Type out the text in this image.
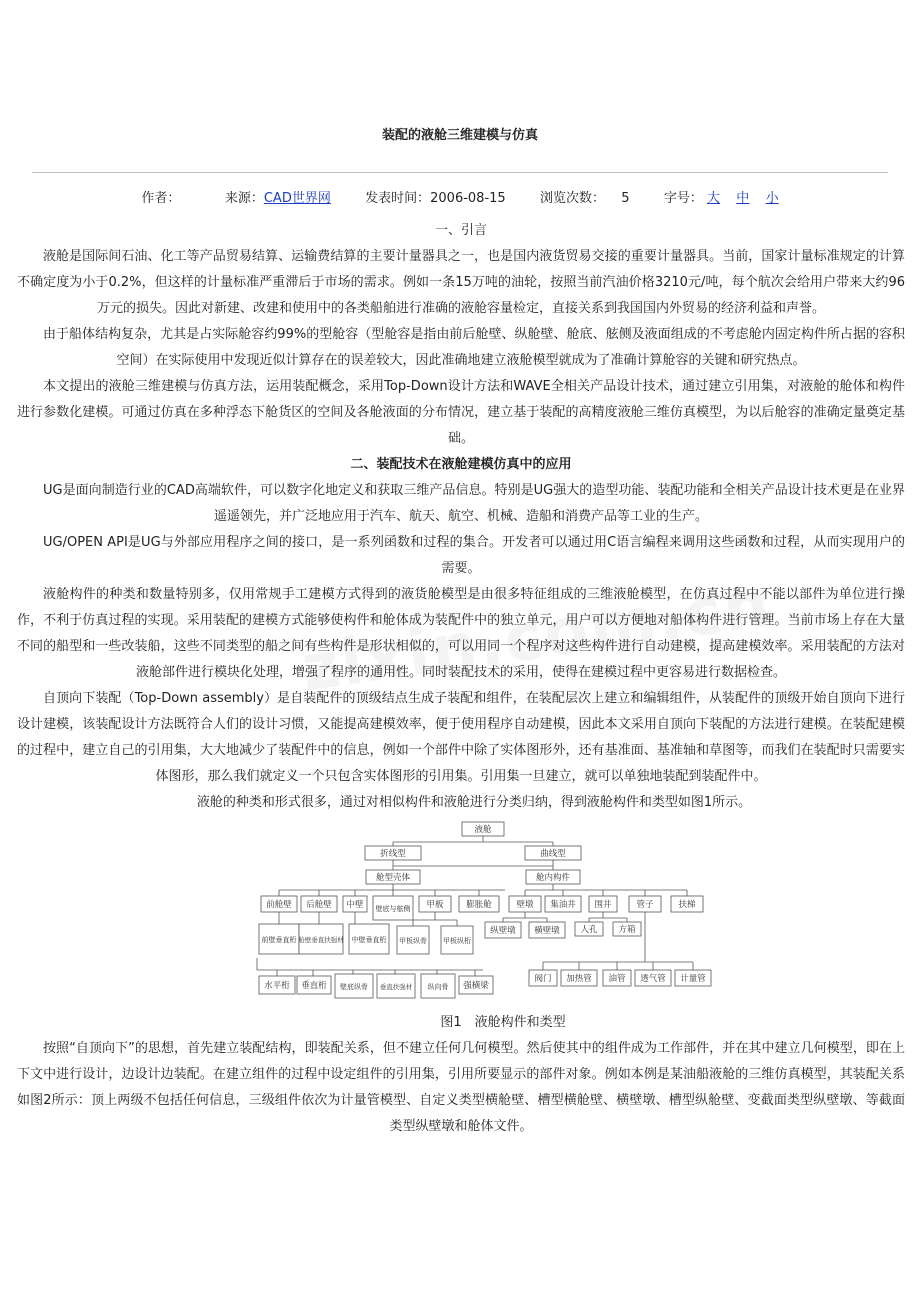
装配的液舱三维建模与仿真
作者：	来源：CAD世界网	发表时间：2006-08-15	浏览次数： 5	字号： 大 中 小

一、引言

液舱是国际间石油、化工等产品贸易结算、运输费结算的主要计量器具之一，也是国内液货贸易交接的重要计量器具。当前，国家计量标准规定的计算不确定度为小于0.2%，但这样的计量标准严重滞后于市场的需求。例如一条15万吨的油轮，按照当前汽油价格3210元/吨，每个航次会给用户带来大约96万元的损失。因此对新建、改建和使用中的各类船舶进行准确的液舱容量检定，直接关系到我国国内外贸易的经济利益和声誉。

由于船体结构复杂，尤其是占实际舱容约99%的型舱容（型舱容是指由前后舱壁、纵舱壁、舱底、舷侧及液面组成的不考虑舱内固定构件所占据的容积空间）在实际使用中发现近似计算存在的误差较大，因此准确地建立液舱模型就成为了准确计算舱容的关键和研究热点。

本文提出的液舱三维建模与仿真方法，运用装配概念，采用Top-Down设计方法和WAVE全相关产品设计技术，通过建立引用集，对液舱的舱体和构件进行参数化建模。可通过仿真在多种浮态下舱货区的空间及各舱液面的分布情况，建立基于装配的高精度液舱三维仿真模型，为以后舱容的准确定量奠定基础。

二、装配技术在液舱建模仿真中的应用

UG是面向制造行业的CAD高端软件，可以数字化地定义和获取三维产品信息。特别是UG强大的造型功能、装配功能和全相关产品设计技术更是在业界遥遥领先，并广泛地应用于汽车、航天、航空、机械、造船和消费产品等工业的生产。

UG/OPEN API是UG与外部应用程序之间的接口，是一系列函数和过程的集合。开发者可以通过用C语言编程来调用这些函数和过程，从而实现用户的需要。

液舱构件的种类和数量特别多，仅用常规手工建模方式得到的液货舱模型是由很多特征组成的三维液舱模型，在仿真过程中不能以部件为单位进行操作，不利于仿真过程的实现。采用装配的建模方式能够使构件和舱体成为装配件中的独立单元，用户可以方便地对船体构件进行管理。当前市场上存在大量不同的船型和一些改装船，这些不同类型的船之间有些构件是形状相似的，可以用同一个程序对这些构件进行自动建模，提高建模效率。采用装配的方法对液舱部件进行模块化处理，增强了程序的通用性。同时装配技术的采用，使得在建模过程中更容易进行数据检查。

自顶向下装配（Top-Down assembly）是自装配件的顶级结点生成子装配和组件，在装配层次上建立和编辑组件，从装配件的顶级开始自顶向下进行设计建模，该装配设计方法既符合人们的设计习惯，又能提高建模效率，便于使用程序自动建模，因此本文采用自顶向下装配的方法进行建模。在装配建模的过程中，建立自己的引用集，大大地减少了装配件中的信息，例如一个部件中除了实体图形外，还有基准面、基准轴和草图等，而我们在装配时只需要实体图形，那么我们就定义一个只包含实体图形的引用集。引用集一旦建立，就可以单独地装配到装配件中。

液舱的种类和形式很多，通过对相似构件和液舱进行分类归纳，得到液舱构件和类型如图1所示。

液舱
折线型	曲线型
舱型壳体	舱内构件
前舱壁 后舱壁 中壁 壁底与舷侧 甲板	膨胀舱
前壁垂直桁 舱壁垂直扶强材 中壁垂直桁 甲板纵骨 甲板纵桁
水平桁 垂直桁 壁底纵骨 垂直扶强材 纵向骨 强横梁
壁墩 集油井 围井	管子	扶梯
纵壁墩 横壁墩 人孔 方箱
阀门 加热管 油管 透气管 计量管

图1　液舱构件和类型

按照“自顶向下”的思想，首先建立装配结构，即装配关系，但不建立任何几何模型。然后使其中的组件成为工作部件，并在其中建立几何模型，即在上下文中进行设计，边设计边装配。在建立组件的过程中设定组件的引用集，引用所要显示的部件对象。例如本例是某油船液舱的三维仿真模型，其装配关系如图2所示：顶上两级不包括任何信息，三级组件依次为计量管模型、自定义类型横舱壁、槽型横舱壁、横壁墩、槽型纵舱壁、变截面类型纵壁墩、等截面类型纵壁墩和舱体文件。
